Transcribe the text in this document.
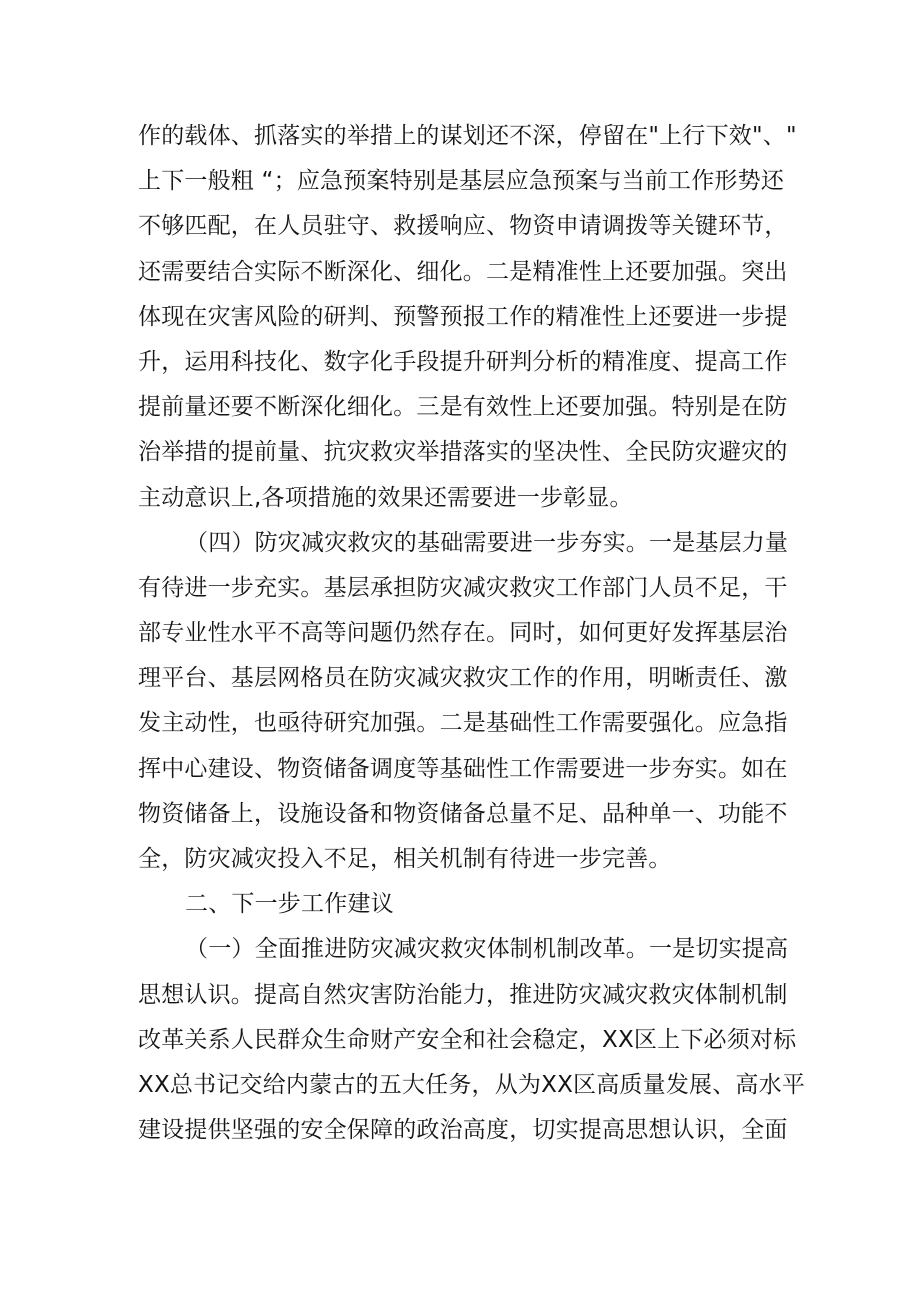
作的载体、抓落实的举措上的谋划还不深，停留在"上行下效"、"
上下一般粗 “；应急预案特别是基层应急预案与当前工作形势还
不够匹配，在人员驻守、救援响应、物资申请调拨等关键环节，
还需要结合实际不断深化、细化。二是精准性上还要加强。突出
体现在灾害风险的研判、预警预报工作的精准性上还要进一步提
升，运用科技化、数字化手段提升研判分析的精准度、提高工作
提前量还要不断深化细化。三是有效性上还要加强。特别是在防
治举措的提前量、抗灾救灾举措落实的坚决性、全民防灾避灾的
主动意识上,各项措施的效果还需要进一步彰显。
（四）防灾减灾救灾的基础需要进一步夯实。一是基层力量
有待进一步充实。基层承担防灾减灾救灾工作部门人员不足，干
部专业性水平不高等问题仍然存在。同时，如何更好发挥基层治
理平台、基层网格员在防灾减灾救灾工作的作用，明晰责任、激
发主动性，也亟待研究加强。二是基础性工作需要强化。应急指
挥中心建设、物资储备调度等基础性工作需要进一步夯实。如在
物资储备上，设施设备和物资储备总量不足、品种单一、功能不
全，防灾减灾投入不足，相关机制有待进一步完善。
二、下一步工作建议
（一）全面推进防灾减灾救灾体制机制改革。一是切实提高
思想认识。提高自然灾害防治能力，推进防灾减灾救灾体制机制
改革关系人民群众生命财产安全和社会稳定，XX区上下必须对标
XX总书记交给内蒙古的五大任务，从为XX区高质量发展、高水平
建设提供坚强的安全保障的政治高度，切实提高思想认识，全面
